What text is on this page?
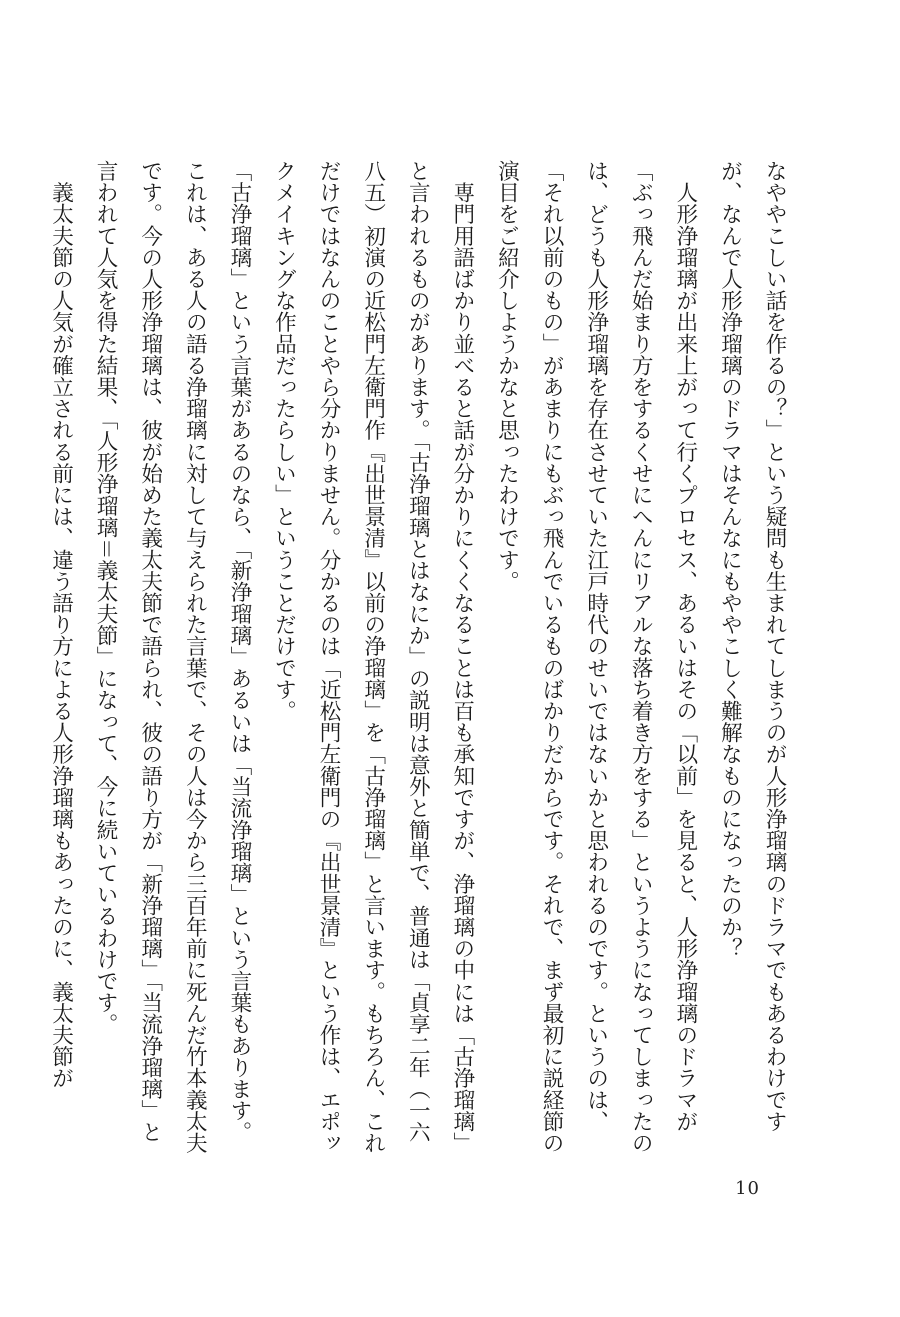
なややこしい話を作るの？」という疑問も生まれてしまうのが人形浄瑠璃のドラマでもあるわけですが、なんで人形浄瑠璃のドラマはそんなにもややこしく難解なものになったのか？

　人形浄瑠璃が出来上がって行くプロセス、あるいはその「以前」を見ると、人形浄瑠璃のドラマが「ぶっ飛んだ始まり方をするくせにへんにリアルな落ち着き方をする」というようになってしまったのは、どうも人形浄瑠璃を存在させていた江戸時代のせいではないかと思われるのです。というのは、「それ以前のもの」があまりにもぶっ飛んでいるものばかりだからです。それで、まず最初に説経節の演目をご紹介しようかなと思ったわけです。

　専門用語ばかり並べると話が分かりにくくなることは百も承知ですが、浄瑠璃の中には「古浄瑠璃」と言われるものがあります。「古浄瑠璃とはなにか」の説明は意外と簡単で、普通は「貞享二年（一六八五）初演の近松門左衛門作『出世景清』以前の浄瑠璃」を「古浄瑠璃」と言います。もちろん、これだけではなんのことやら分かりません。分かるのは「近松門左衛門の『出世景清』という作は、エポックメイキングな作品だったらしい」ということだけです。

「古浄瑠璃」という言葉があるのなら、「新浄瑠璃」あるいは「当流浄瑠璃」という言葉もあります。これは、ある人の語る浄瑠璃に対して与えられた言葉で、その人は今から三百年前に死んだ竹本義太夫です。今の人形浄瑠璃は、彼が始めた義太夫節で語られ、彼の語り方が「新浄瑠璃」「当流浄瑠璃」と言われて人気を得た結果、「人形浄瑠璃＝義太夫節」になって、今に続いているわけです。

　義太夫節の人気が確立される前には、違う語り方による人形浄瑠璃もあったのに、義太夫節が

10
